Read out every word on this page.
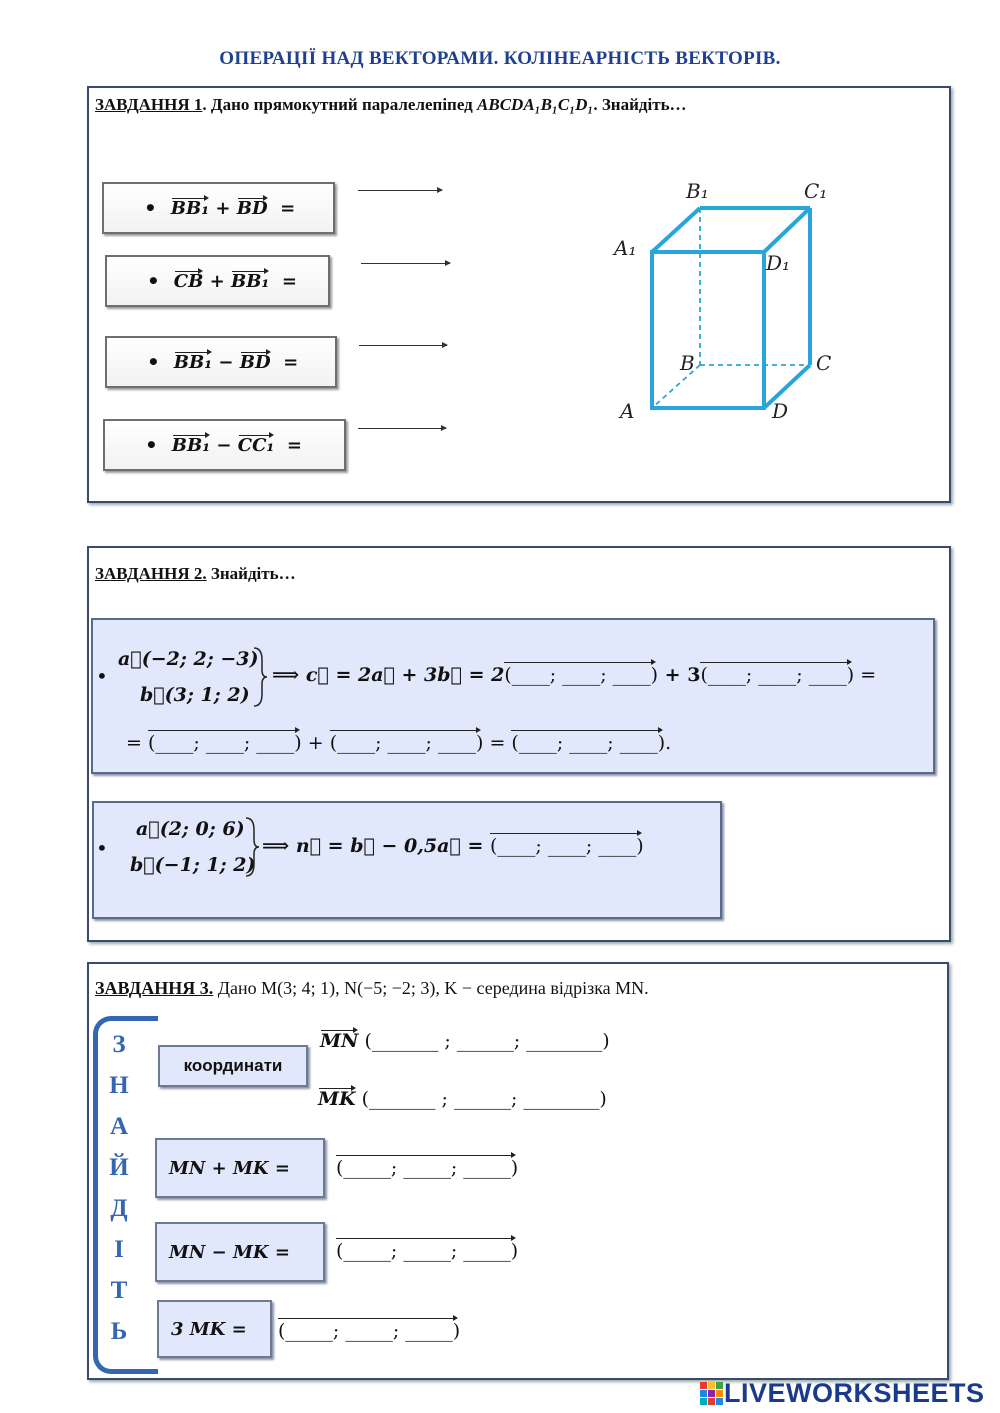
ОПЕРАЦІЇ НАД ВЕКТОРАМИ. КОЛІНЕАРНІСТЬ ВЕКТОРІВ.
ЗАВДАННЯ 1. Дано прямокутний паралелепіпед ABCDA₁B₁C₁D₁. Знайдіть…
• BB₁
+
BD
=
• CB
+
BB₁
=
• BB₁
−
BD
=
• BB₁
−
CC₁
=
A
B	C
D
A₁
B₁	C₁
D₁
ЗАВДАННЯ 2. Знайдіть…
•
a⃗(−2; 2; −3)
b⃗(3; 1; 2)
⟹ c⃗ = 2a⃗ + 3b⃗ = 2(____; ____; ____) + 3(____; ____; ____) =
= (____; ____; ____) + (____; ____; ____) = (____; ____; ____).
•
a⃗(2; 0; 6)
b⃗(−1; 1; 2)
⟹ n⃗ = b⃗ − 0,5a⃗ = (____; ____; ____)
ЗАВДАННЯ 3. Дано M(3; 4; 1), N(−5; −2; 3), K − середина відрізка MN.
З
Н
А
Й
Д
І
Т
Ь
координати
MN (_______ ; ______; ________)
MK (_______ ; ______; ________)
MN + MK = (_____; _____; _____)
MN − MK = (_____; _____; _____)
3 MK = (_____; _____; _____)
LIVEWORKSHEETS
